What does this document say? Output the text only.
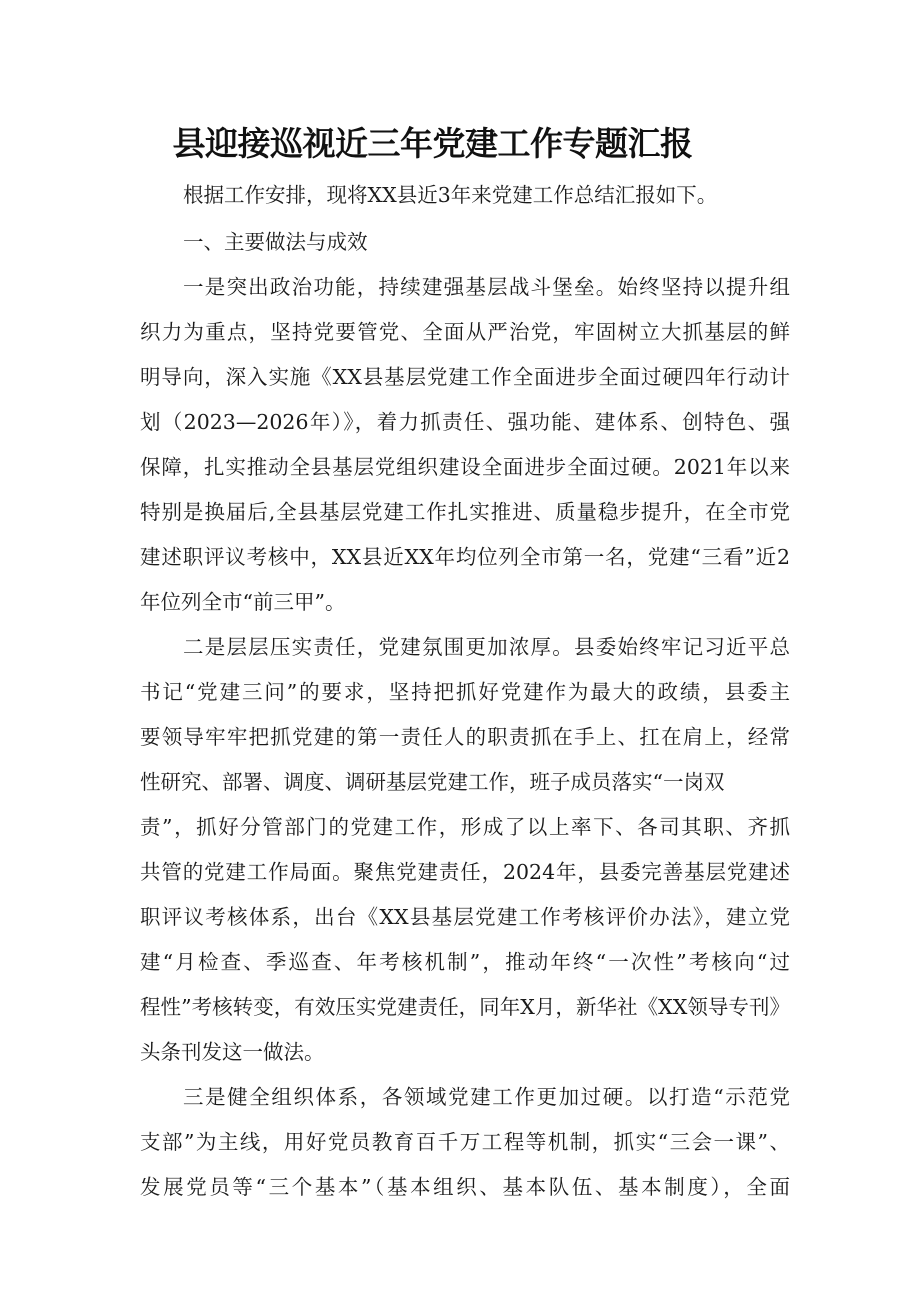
县迎接巡视近三年党建工作专题汇报
根据工作安排，现将XX县近3年来党建工作总结汇报如下。
一、主要做法与成效
一是突出政治功能，持续建强基层战斗堡垒。始终坚持以提升组
织力为重点，坚持党要管党、全面从严治党，牢固树立大抓基层的鲜
明导向，深入实施《XX县基层党建工作全面进步全面过硬四年行动计
划（2023—2026年）》，着力抓责任、强功能、建体系、创特色、强
保障，扎实推动全县基层党组织建设全面进步全面过硬。2021年以来
特别是换届后,全县基层党建工作扎实推进、质量稳步提升，在全市党
建述职评议考核中，XX县近XX年均位列全市第一名，党建“三看”近2
年位列全市“前三甲”。
二是层层压实责任，党建氛围更加浓厚。县委始终牢记习近平总
书记“党建三问”的要求，坚持把抓好党建作为最大的政绩，县委主
要领导牢牢把抓党建的第一责任人的职责抓在手上、扛在肩上，经常
性研究、部署、调度、调研基层党建工作，班子成员落实“一岗双
责”，抓好分管部门的党建工作，形成了以上率下、各司其职、齐抓
共管的党建工作局面。聚焦党建责任，2024年，县委完善基层党建述
职评议考核体系，出台《XX县基层党建工作考核评价办法》，建立党
建“月检查、季巡查、年考核机制”，推动年终“一次性”考核向“过
程性”考核转变，有效压实党建责任，同年X月，新华社《XX领导专刊》
头条刊发这一做法。
三是健全组织体系，各领域党建工作更加过硬。以打造“示范党
支部”为主线，用好党员教育百千万工程等机制，抓实“三会一课”、
发展党员等“三个基本”（基本组织、基本队伍、基本制度），全面
